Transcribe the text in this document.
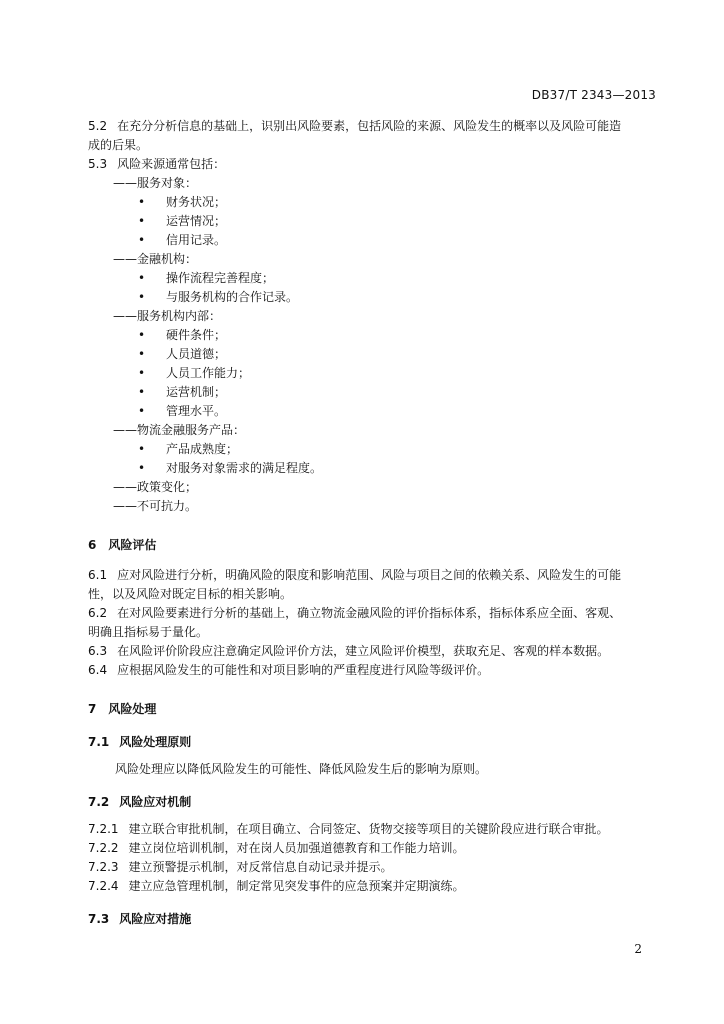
DB37/T 2343—2013

5.2 在充分分析信息的基础上，识别出风险要素，包括风险的来源、风险发生的概率以及风险可能造

成的后果。

5.3 风险来源通常包括：

——服务对象：

•	财务状况；
•	运营情况；
•	信用记录。

——金融机构：

•	操作流程完善程度；
•	与服务机构的合作记录。

——服务机构内部：

•	硬件条件；
•	人员道德；
•	人员工作能力；
•	运营机制；
•	管理水平。

——物流金融服务产品：

•	产品成熟度；
•	对服务对象需求的满足程度。

——政策变化；

——不可抗力。

6 风险评估

6.1 应对风险进行分析，明确风险的限度和影响范围、风险与项目之间的依赖关系、风险发生的可能

性，以及风险对既定目标的相关影响。

6.2 在对风险要素进行分析的基础上，确立物流金融风险的评价指标体系，指标体系应全面、客观、

明确且指标易于量化。

6.3 在风险评价阶段应注意确定风险评价方法，建立风险评价模型，获取充足、客观的样本数据。

6.4 应根据风险发生的可能性和对项目影响的严重程度进行风险等级评价。

7 风险处理
7.1 风险处理原则

风险处理应以降低风险发生的可能性、降低风险发生后的影响为原则。

7.2 风险应对机制

7.2.1 建立联合审批机制，在项目确立、合同签定、货物交接等项目的关键阶段应进行联合审批。

7.2.2 建立岗位培训机制，对在岗人员加强道德教育和工作能力培训。

7.2.3 建立预警提示机制，对反常信息自动记录并提示。

7.2.4 建立应急管理机制，制定常见突发事件的应急预案并定期演练。

7.3 风险应对措施
2
